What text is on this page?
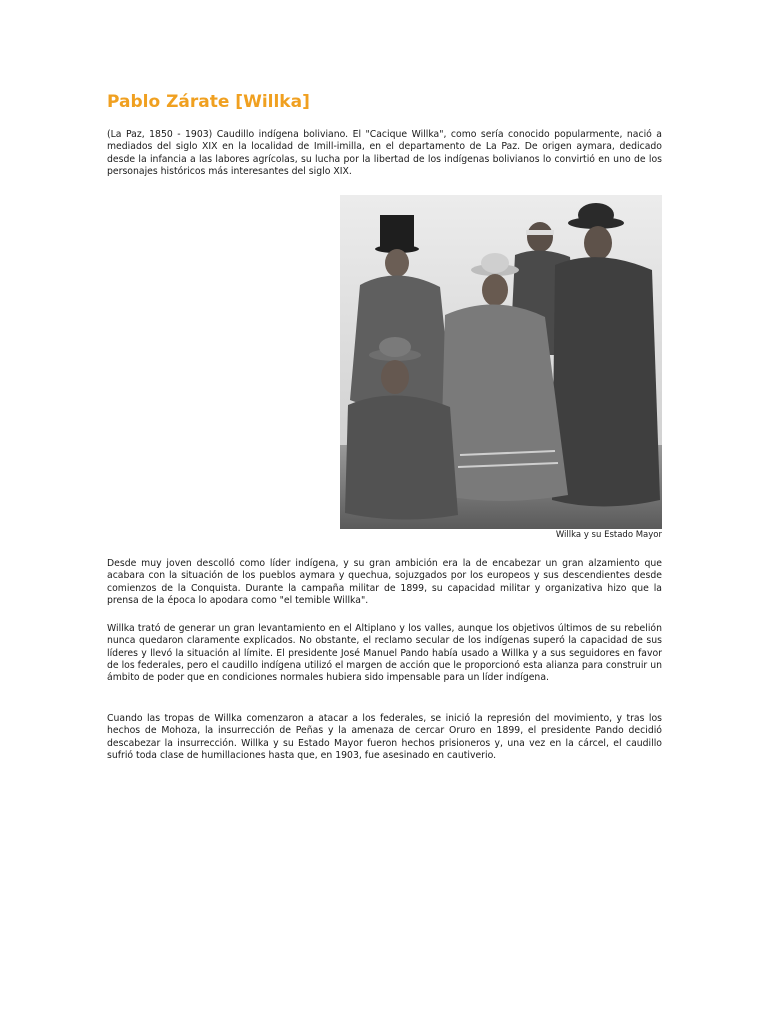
Pablo Zárate [Willka]

(La Paz, 1850 - 1903) Caudillo indígena boliviano. El "Cacique Willka", como sería conocido popularmente, nació a mediados del siglo XIX en la localidad de Imill-imilla, en el departamento de La Paz. De origen aymara, dedicado desde la infancia a las labores agrícolas, su lucha por la libertad de los indígenas bolivianos lo convirtió en uno de los personajes históricos más interesantes del siglo XIX.

Willka y su Estado Mayor

Desde muy joven descolló como líder indígena, y su gran ambición era la de encabezar un gran alzamiento que acabara con la situación de los pueblos aymara y quechua, sojuzgados por los europeos y sus descendientes desde comienzos de la Conquista. Durante la campaña militar de 1899, su capacidad militar y organizativa hizo que la prensa de la época lo apodara como "el temible Willka".

Willka trató de generar un gran levantamiento en el Altiplano y los valles, aunque los objetivos últimos de su rebelión nunca quedaron claramente explicados. No obstante, el reclamo secular de los indígenas superó la capacidad de sus líderes y llevó la situación al límite. El presidente José Manuel Pando había usado a Willka y a sus seguidores en favor de los federales, pero el caudillo indígena utilizó el margen de acción que le proporcionó esta alianza para construir un ámbito de poder que en condiciones normales hubiera sido impensable para un líder indígena.

Cuando las tropas de Willka comenzaron a atacar a los federales, se inició la represión del movimiento, y tras los hechos de Mohoza, la insurrección de Peñas y la amenaza de cercar Oruro en 1899, el presidente Pando decidió descabezar la insurrección. Willka y su Estado Mayor fueron hechos prisioneros y, una vez en la cárcel, el caudillo sufrió toda clase de humillaciones hasta que, en 1903, fue asesinado en cautiverio.
